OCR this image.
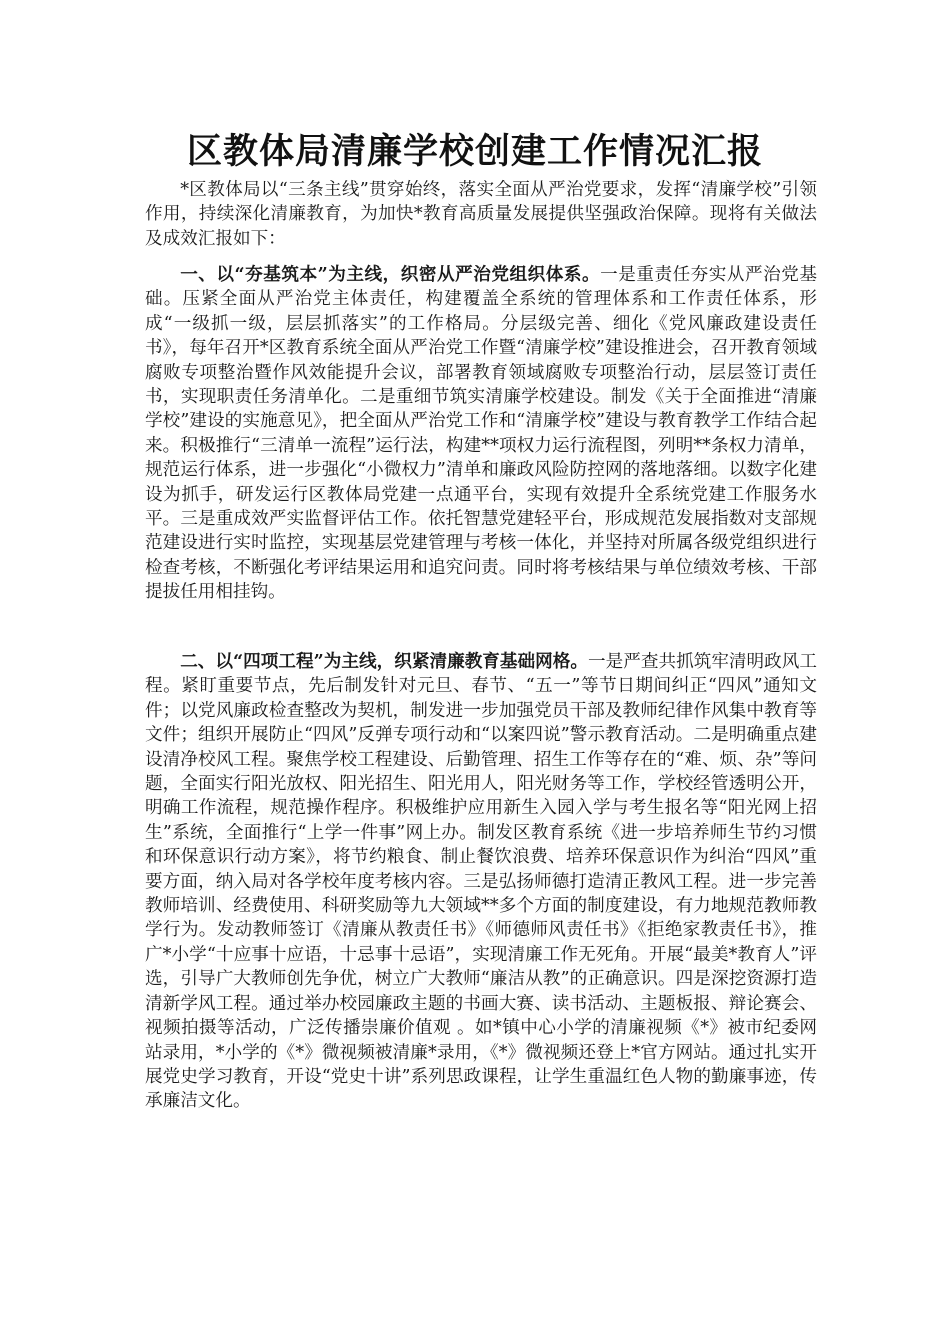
区教体局清廉学校创建工作情况汇报

*区教体局以“三条主线”贯穿始终，落实全面从严治党要求，发挥“清廉学校”引领作用，持续深化清廉教育，为加快*教育高质量发展提供坚强政治保障。现将有关做法及成效汇报如下：

一、以“夯基筑本”为主线，织密从严治党组织体系。一是重责任夯实从严治党基础。压紧全面从严治党主体责任，构建覆盖全系统的管理体系和工作责任体系，形成“一级抓一级，层层抓落实”的工作格局。分层级完善、细化《党风廉政建设责任书》，每年召开*区教育系统全面从严治党工作暨“清廉学校”建设推进会，召开教育领域腐败专项整治暨作风效能提升会议，部署教育领域腐败专项整治行动，层层签订责任书，实现职责任务清单化。二是重细节筑实清廉学校建设。制发《关于全面推进“清廉学校”建设的实施意见》，把全面从严治党工作和“清廉学校”建设与教育教学工作结合起来。积极推行“三清单一流程”运行法，构建**项权力运行流程图，列明**条权力清单，规范运行体系，进一步强化“小微权力”清单和廉政风险防控网的落地落细。以数字化建设为抓手，研发运行区教体局党建一点通平台，实现有效提升全系统党建工作服务水平。三是重成效严实监督评估工作。依托智慧党建轻平台，形成规范发展指数对支部规范建设进行实时监控，实现基层党建管理与考核一体化，并坚持对所属各级党组织进行检查考核，不断强化考评结果运用和追究问责。同时将考核结果与单位绩效考核、干部提拔任用相挂钩。

二、以“四项工程”为主线，织紧清廉教育基础网格。一是严查共抓筑牢清明政风工程。紧盯重要节点，先后制发针对元旦、春节、“五一”等节日期间纠正“四风”通知文件；以党风廉政检查整改为契机，制发进一步加强党员干部及教师纪律作风集中教育等文件；组织开展防止“四风”反弹专项行动和“以案四说”警示教育活动。二是明确重点建设清净校风工程。聚焦学校工程建设、后勤管理、招生工作等存在的“难、烦、杂”等问题，全面实行阳光放权、阳光招生、阳光用人，阳光财务等工作，学校经管透明公开，明确工作流程，规范操作程序。积极维护应用新生入园入学与考生报名等“阳光网上招生”系统，全面推行“上学一件事”网上办。制发区教育系统《进一步培养师生节约习惯和环保意识行动方案》，将节约粮食、制止餐饮浪费、培养环保意识作为纠治“四风”重要方面，纳入局对各学校年度考核内容。三是弘扬师德打造清正教风工程。进一步完善教师培训、经费使用、科研奖励等九大领域**多个方面的制度建设，有力地规范教师教学行为。发动教师签订《清廉从教责任书》《师德师风责任书》《拒绝家教责任书》，推广*小学“十应事十应语，十忌事十忌语”，实现清廉工作无死角。开展“最美*教育人”评选，引导广大教师创先争优，树立广大教师“廉洁从教”的正确意识。四是深挖资源打造清新学风工程。通过举办校园廉政主题的书画大赛、读书活动、主题板报、辩论赛会、视频拍摄等活动，广泛传播崇廉价值观 。如*镇中心小学的清廉视频《*》被市纪委网站录用，*小学的《*》微视频被清廉*录用，《*》微视频还登上*官方网站。通过扎实开展党史学习教育，开设“党史十讲”系列思政课程，让学生重温红色人物的勤廉事迹，传承廉洁文化。
